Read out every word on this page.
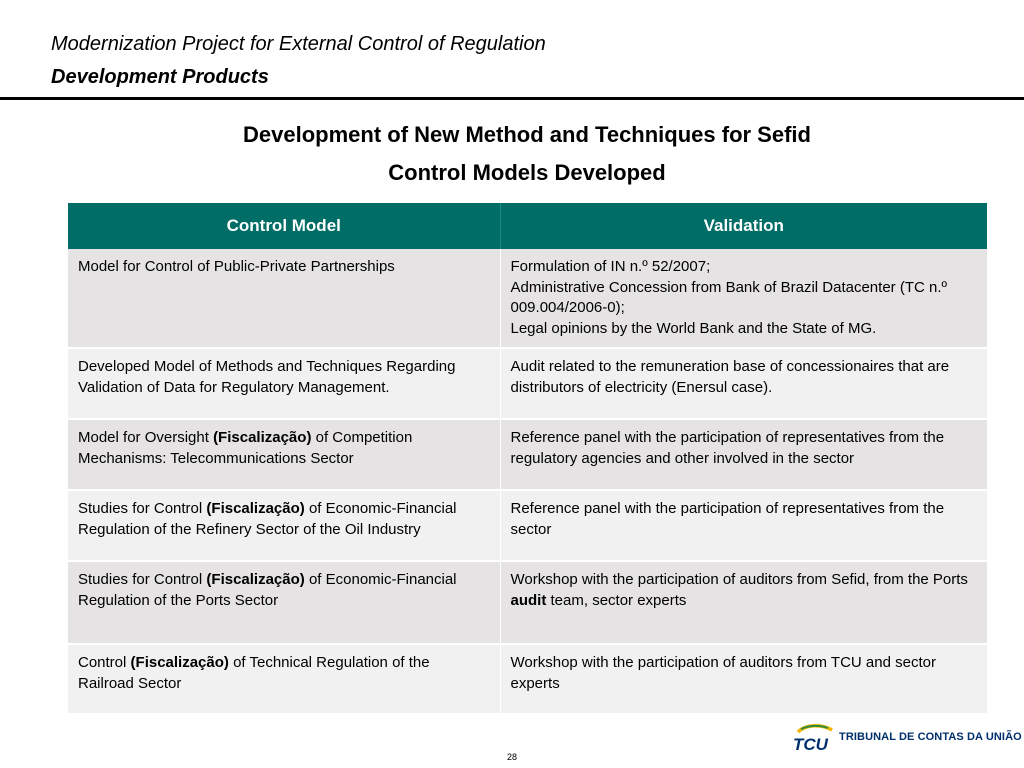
Modernization Project for External Control of Regulation
Development Products
Development of New Method and Techniques for Sefid
Control Models Developed
Control Model	Validation
Model for Control of Public-Private Partnerships	Formulation of IN n.º 52/2007;
Administrative Concession from Bank of Brazil Datacenter (TC n.º 009.004/2006-0);
Legal opinions by the World Bank and the State of MG.

Developed Model of Methods and Techniques Regarding Validation of Data for Regulatory Management.	Audit related to the remuneration base of concessionaires that are distributors of electricity (Enersul case).
Model for Oversight (Fiscalização) of Competition Mechanisms: Telecommunications Sector	Reference panel with the participation of representatives from the regulatory agencies and other involved in the sector
Studies for Control (Fiscalização) of Economic-Financial Regulation of the Refinery Sector of the Oil Industry	Reference panel with the participation of representatives from the sector
Studies for Control (Fiscalização) of Economic-Financial Regulation of the Ports Sector	Workshop with the participation of auditors from Sefid, from the Ports audit team, sector experts
Control (Fiscalização) of Technical Regulation of the Railroad Sector	Workshop with the participation of auditors from TCU and sector experts
TCU TRIBUNAL DE CONTAS DA UNIÃO
28
